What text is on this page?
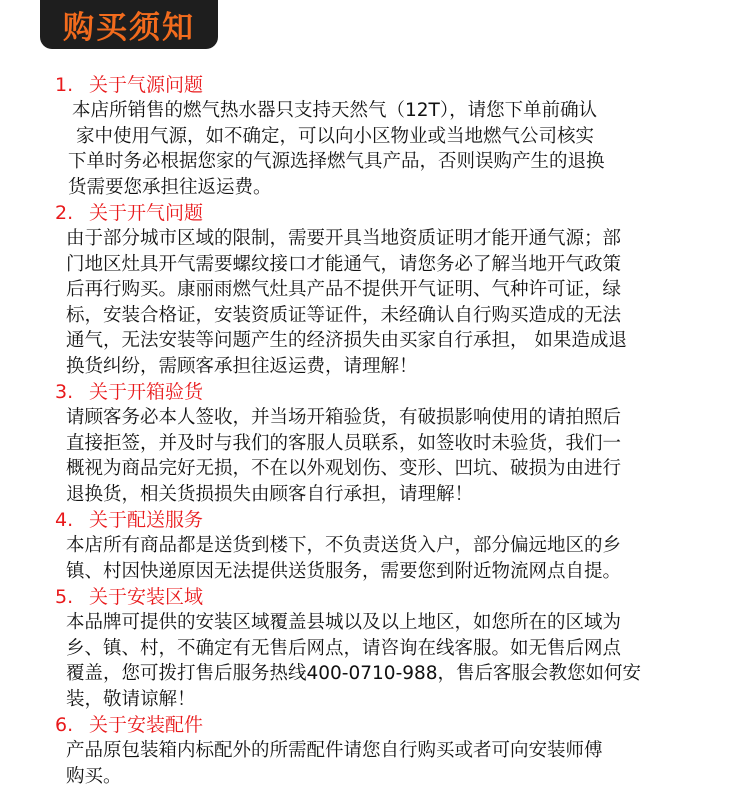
购买须知
1. 关于气源问题
本店所销售的燃气热水器只支持天然气（12T），请您下单前确认
家中使用气源，如不确定，可以向小区物业或当地燃气公司核实
下单时务必根据您家的气源选择燃气具产品，否则误购产生的退换
货需要您承担往返运费。
2. 关于开气问题
由于部分城市区域的限制，需要开具当地资质证明才能开通气源；部
门地区灶具开气需要螺纹接口才能通气，请您务必了解当地开气政策
后再行购买。康丽雨燃气灶具产品不提供开气证明、气种许可证，绿
标，安装合格证，安装资质证等证件，未经确认自行购买造成的无法
通气，无法安装等问题产生的经济损失由买家自行承担， 如果造成退
换货纠纷，需顾客承担往返运费，请理解！
3. 关于开箱验货
请顾客务必本人签收，并当场开箱验货，有破损影响使用的请拍照后
直接拒签，并及时与我们的客服人员联系，如签收时未验货，我们一
概视为商品完好无损，不在以外观划伤、变形、凹坑、破损为由进行
退换货，相关货损损失由顾客自行承担，请理解！
4. 关于配送服务
本店所有商品都是送货到楼下，不负责送货入户，部分偏远地区的乡
镇、村因快递原因无法提供送货服务，需要您到附近物流网点自提。
5. 关于安装区域
本品牌可提供的安装区域覆盖县城以及以上地区，如您所在的区域为
乡、镇、村，不确定有无售后网点，请咨询在线客服。如无售后网点
覆盖，您可拨打售后服务热线400-0710-988，售后客服会教您如何安
装，敬请谅解！
6. 关于安装配件
产品原包装箱内标配外的所需配件请您自行购买或者可向安装师傅
购买。
